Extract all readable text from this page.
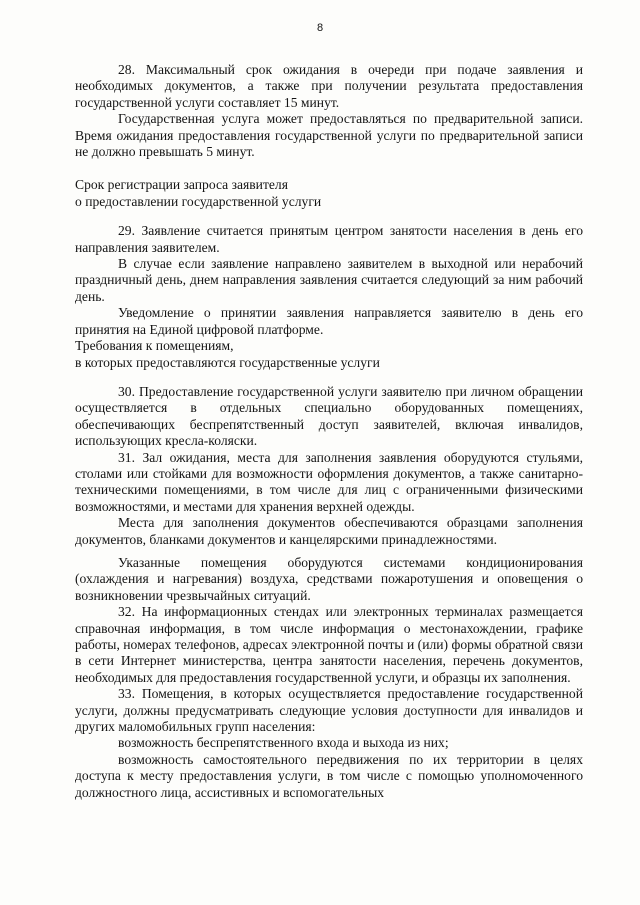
8

28. Максимальный срок ожидания в очереди при подаче заявления и необходимых документов, а также при получении результата предоставления государственной услуги составляет 15 минут.

Государственная услуга может предоставляться по предварительной записи. Время ожидания предоставления государственной услуги по предварительной записи не должно превышать 5 минут.

Срок регистрации запроса заявителя

о предоставлении государственной услуги

29. Заявление считается принятым центром занятости населения в день его направления заявителем.

В случае если заявление направлено заявителем в выходной или нерабочий праздничный день, днем направления заявления считается следующий за ним рабочий день.

Уведомление о принятии заявления направляется заявителю в день его принятия на Единой цифровой платформе.

Требования к помещениям,

в которых предоставляются государственные услуги

30. Предоставление государственной услуги заявителю при личном обращении осуществляется в отдельных специально оборудованных помещениях, обеспечивающих беспрепятственный доступ заявителей, включая инвалидов, использующих кресла-коляски.

31. Зал ожидания, места для заполнения заявления оборудуются стульями, столами или стойками для возможности оформления документов, а также санитарно-техническими помещениями, в том числе для лиц с ограниченными физическими возможностями, и местами для хранения верхней одежды.

Места для заполнения документов обеспечиваются образцами заполнения документов, бланками документов и канцелярскими принадлежностями.

Указанные помещения оборудуются системами кондиционирования (охлаждения и нагревания) воздуха, средствами пожаротушения и оповещения о возникновении чрезвычайных ситуаций.

32. На информационных стендах или электронных терминалах размещается справочная информация, в том числе информация о местонахождении, графике работы, номерах телефонов, адресах электронной почты и (или) формы обратной связи в сети Интернет министерства, центра занятости населения, перечень документов, необходимых для предоставления государственной услуги, и образцы их заполнения.

33. Помещения, в которых осуществляется предоставление государственной услуги, должны предусматривать следующие условия доступности для инвалидов и других маломобильных групп населения:

возможность беспрепятственного входа и выхода из них;

возможность самостоятельного передвижения по их территории в целях доступа к месту предоставления услуги, в том числе с помощью уполномоченного должностного лица, ассистивных и вспомогательных
